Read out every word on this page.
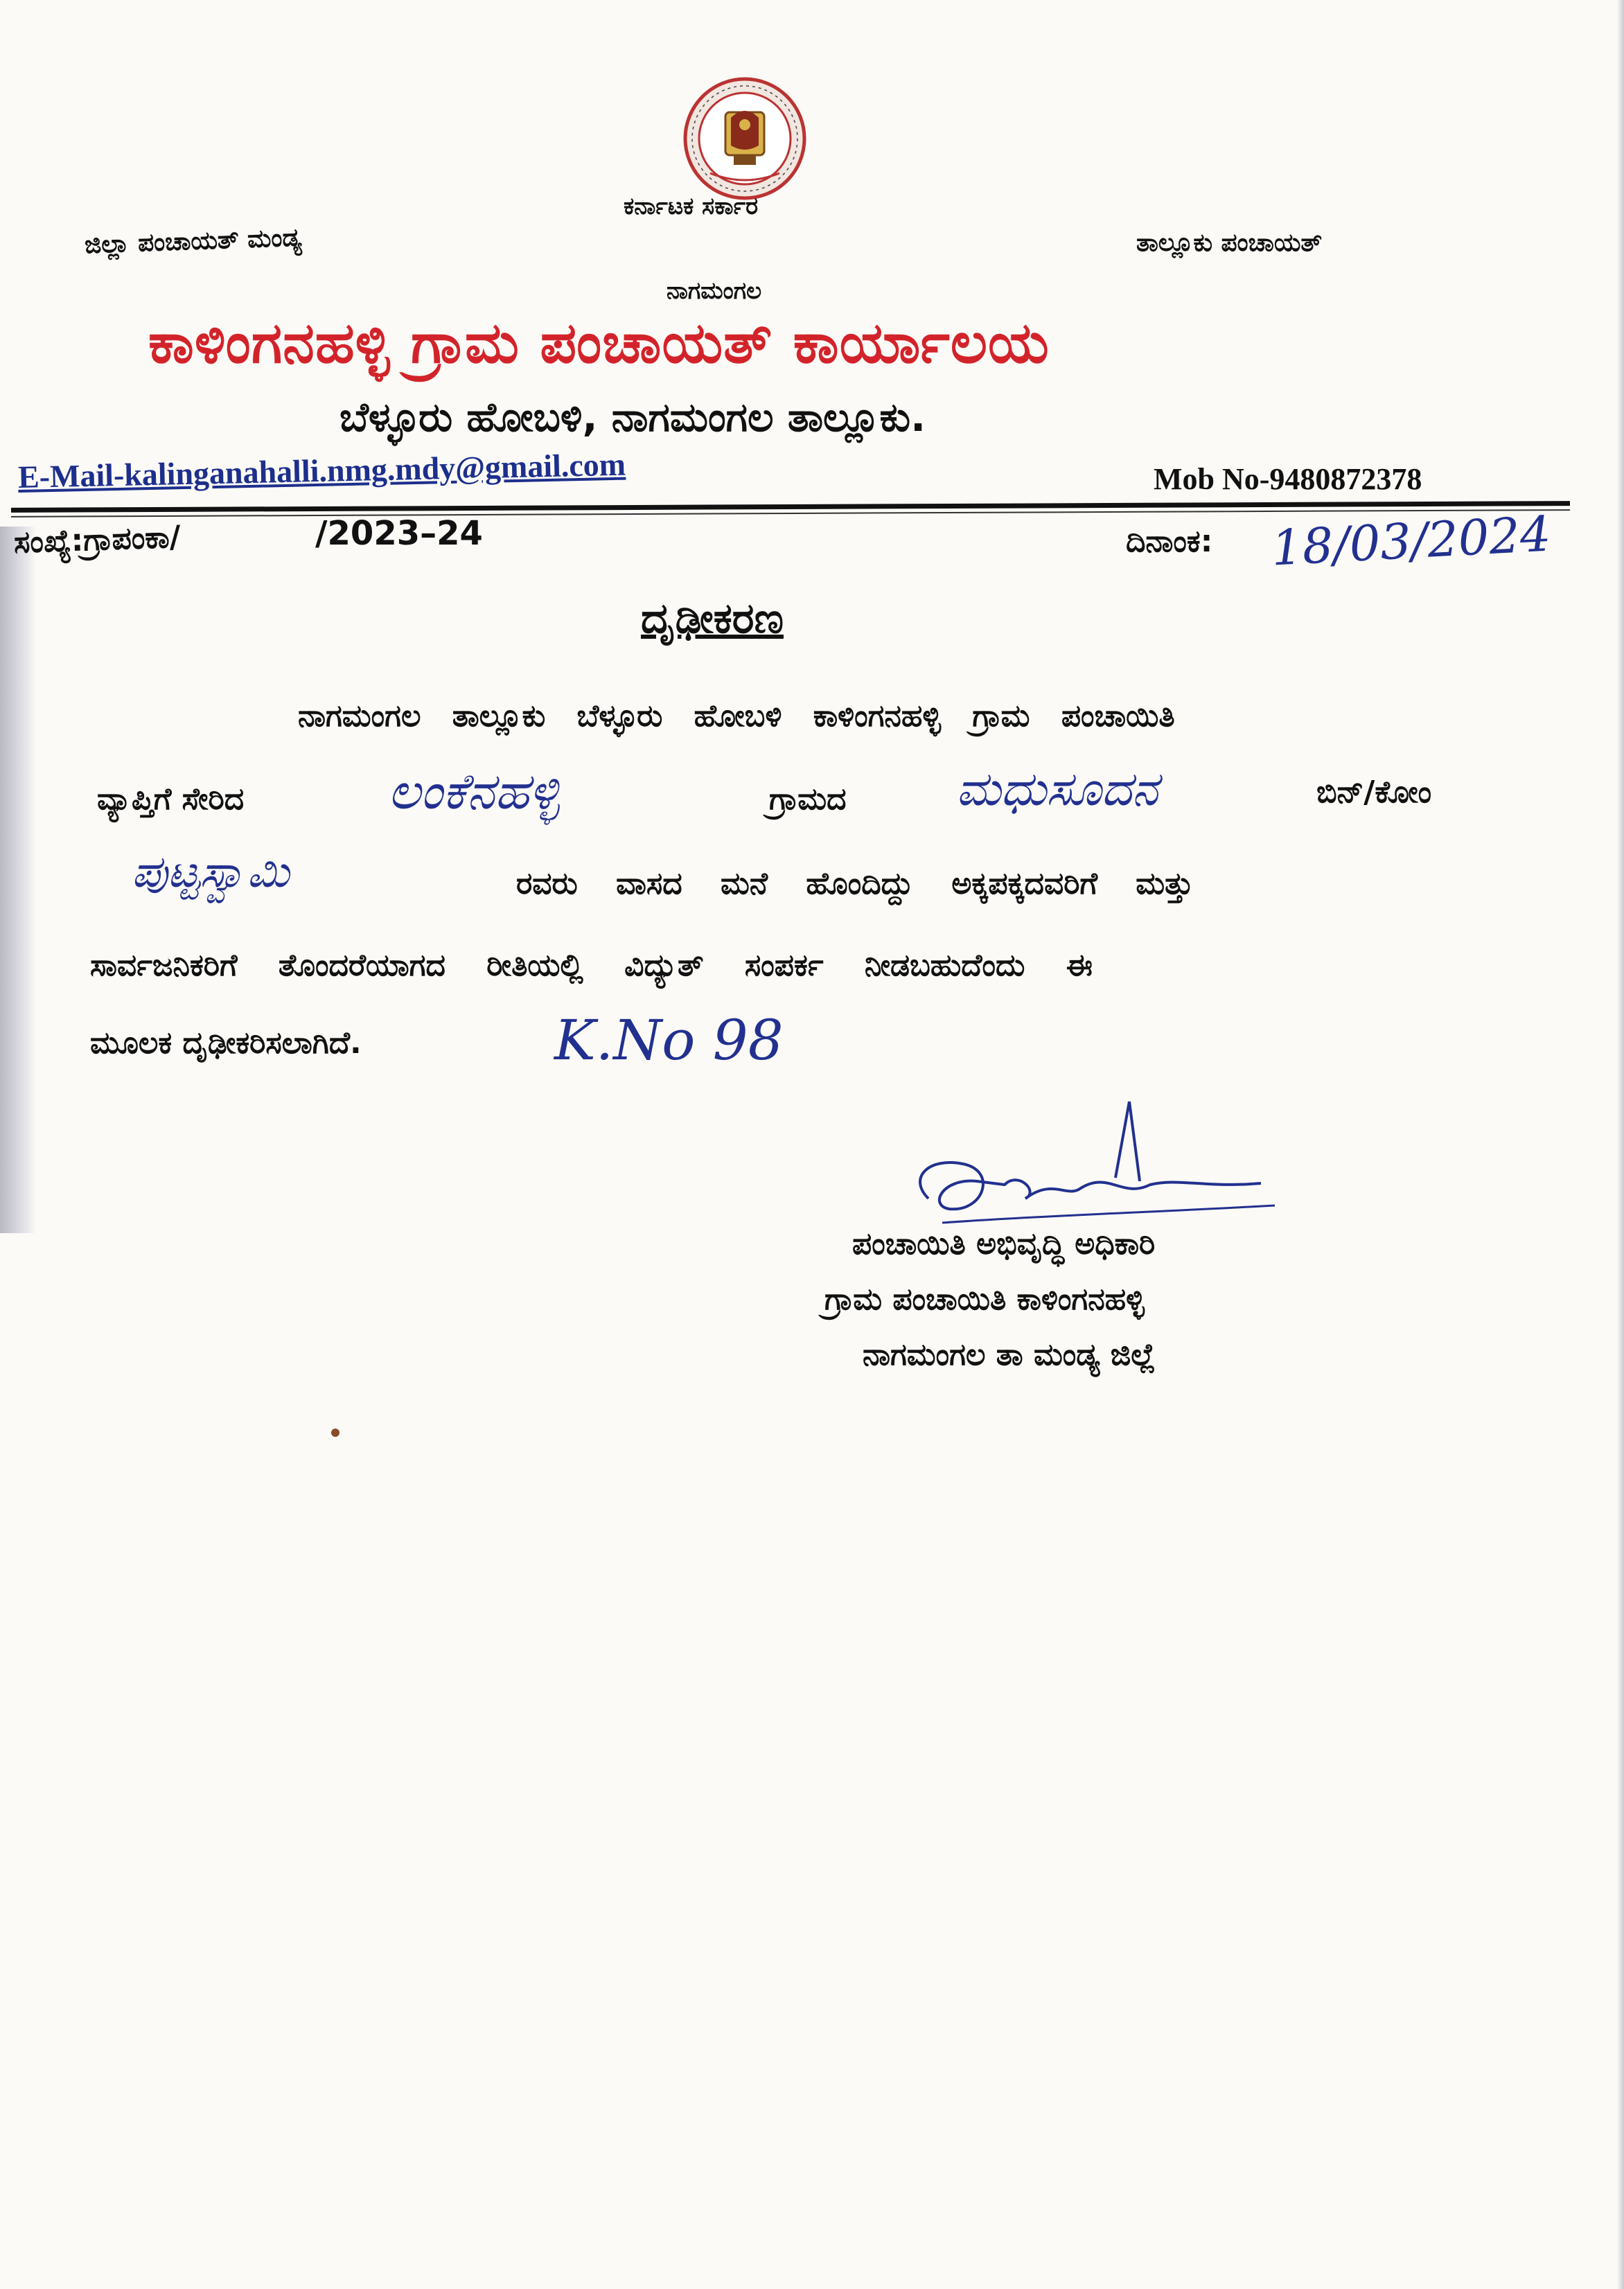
ಕರ್ನಾಟಕ ಸರ್ಕಾರ
ಜಿಲ್ಲಾ ಪಂಚಾಯತ್ ಮಂಡ್ಯ	ತಾಲ್ಲೂಕು ಪಂಚಾಯತ್
ನಾಗಮಂಗಲ
ಕಾಳಿಂಗನಹಳ್ಳಿ ಗ್ರಾಮ ಪಂಚಾಯತ್ ಕಾರ್ಯಾಲಯ
ಬೆಳ್ಳೂರು ಹೋಬಳಿ, ನಾಗಮಂಗಲ ತಾಲ್ಲೂಕು.
E-Mail-kalinganahalli.nmg.mdy@gmail.com	Mob No-9480872378
ಸಂಖ್ಯೆ:ಗ್ರಾಪಂಕಾ/	/2023–24	ದಿನಾಂಕ: 18/03/2024
ದೃಢೀಕರಣ
ನಾಗಮಂಗಲ ತಾಲ್ಲೂಕು ಬೆಳ್ಳೂರು ಹೋಬಳಿ ಕಾಳಿಂಗನಹಳ್ಳಿ ಗ್ರಾಮ ಪಂಚಾಯಿತಿ
ವ್ಯಾಪ್ತಿಗೆ ಸೇರಿದ	ಲಂಕೆನಹಳ್ಳಿ	ಗ್ರಾಮದ ಮಧುಸೂದನ	ಬಿನ್/ಕೋಂ
ಪುಟ್ಟಸ್ವಾಮಿ	ರವರು ವಾಸದ ಮನೆ ಹೊಂದಿದ್ದು ಅಕ್ಕಪಕ್ಕದವರಿಗೆ ಮತ್ತು
ಸಾರ್ವಜನಿಕರಿಗೆ ತೊಂದರೆಯಾಗದ ರೀತಿಯಲ್ಲಿ ವಿದ್ಯುತ್ ಸಂಪರ್ಕ ನೀಡಬಹುದೆಂದು ಈ
ಮೂಲಕ ದೃಢೀಕರಿಸಲಾಗಿದೆ.	K.No 98
ಪಂಚಾಯಿತಿ ಅಭಿವೃದ್ಧಿ ಅಧಿಕಾರಿ
ಗ್ರಾಮ ಪಂಚಾಯಿತಿ ಕಾಳಿಂಗನಹಳ್ಳಿ
ನಾಗಮಂಗಲ ತಾ ಮಂಡ್ಯ ಜಿಲ್ಲೆ
